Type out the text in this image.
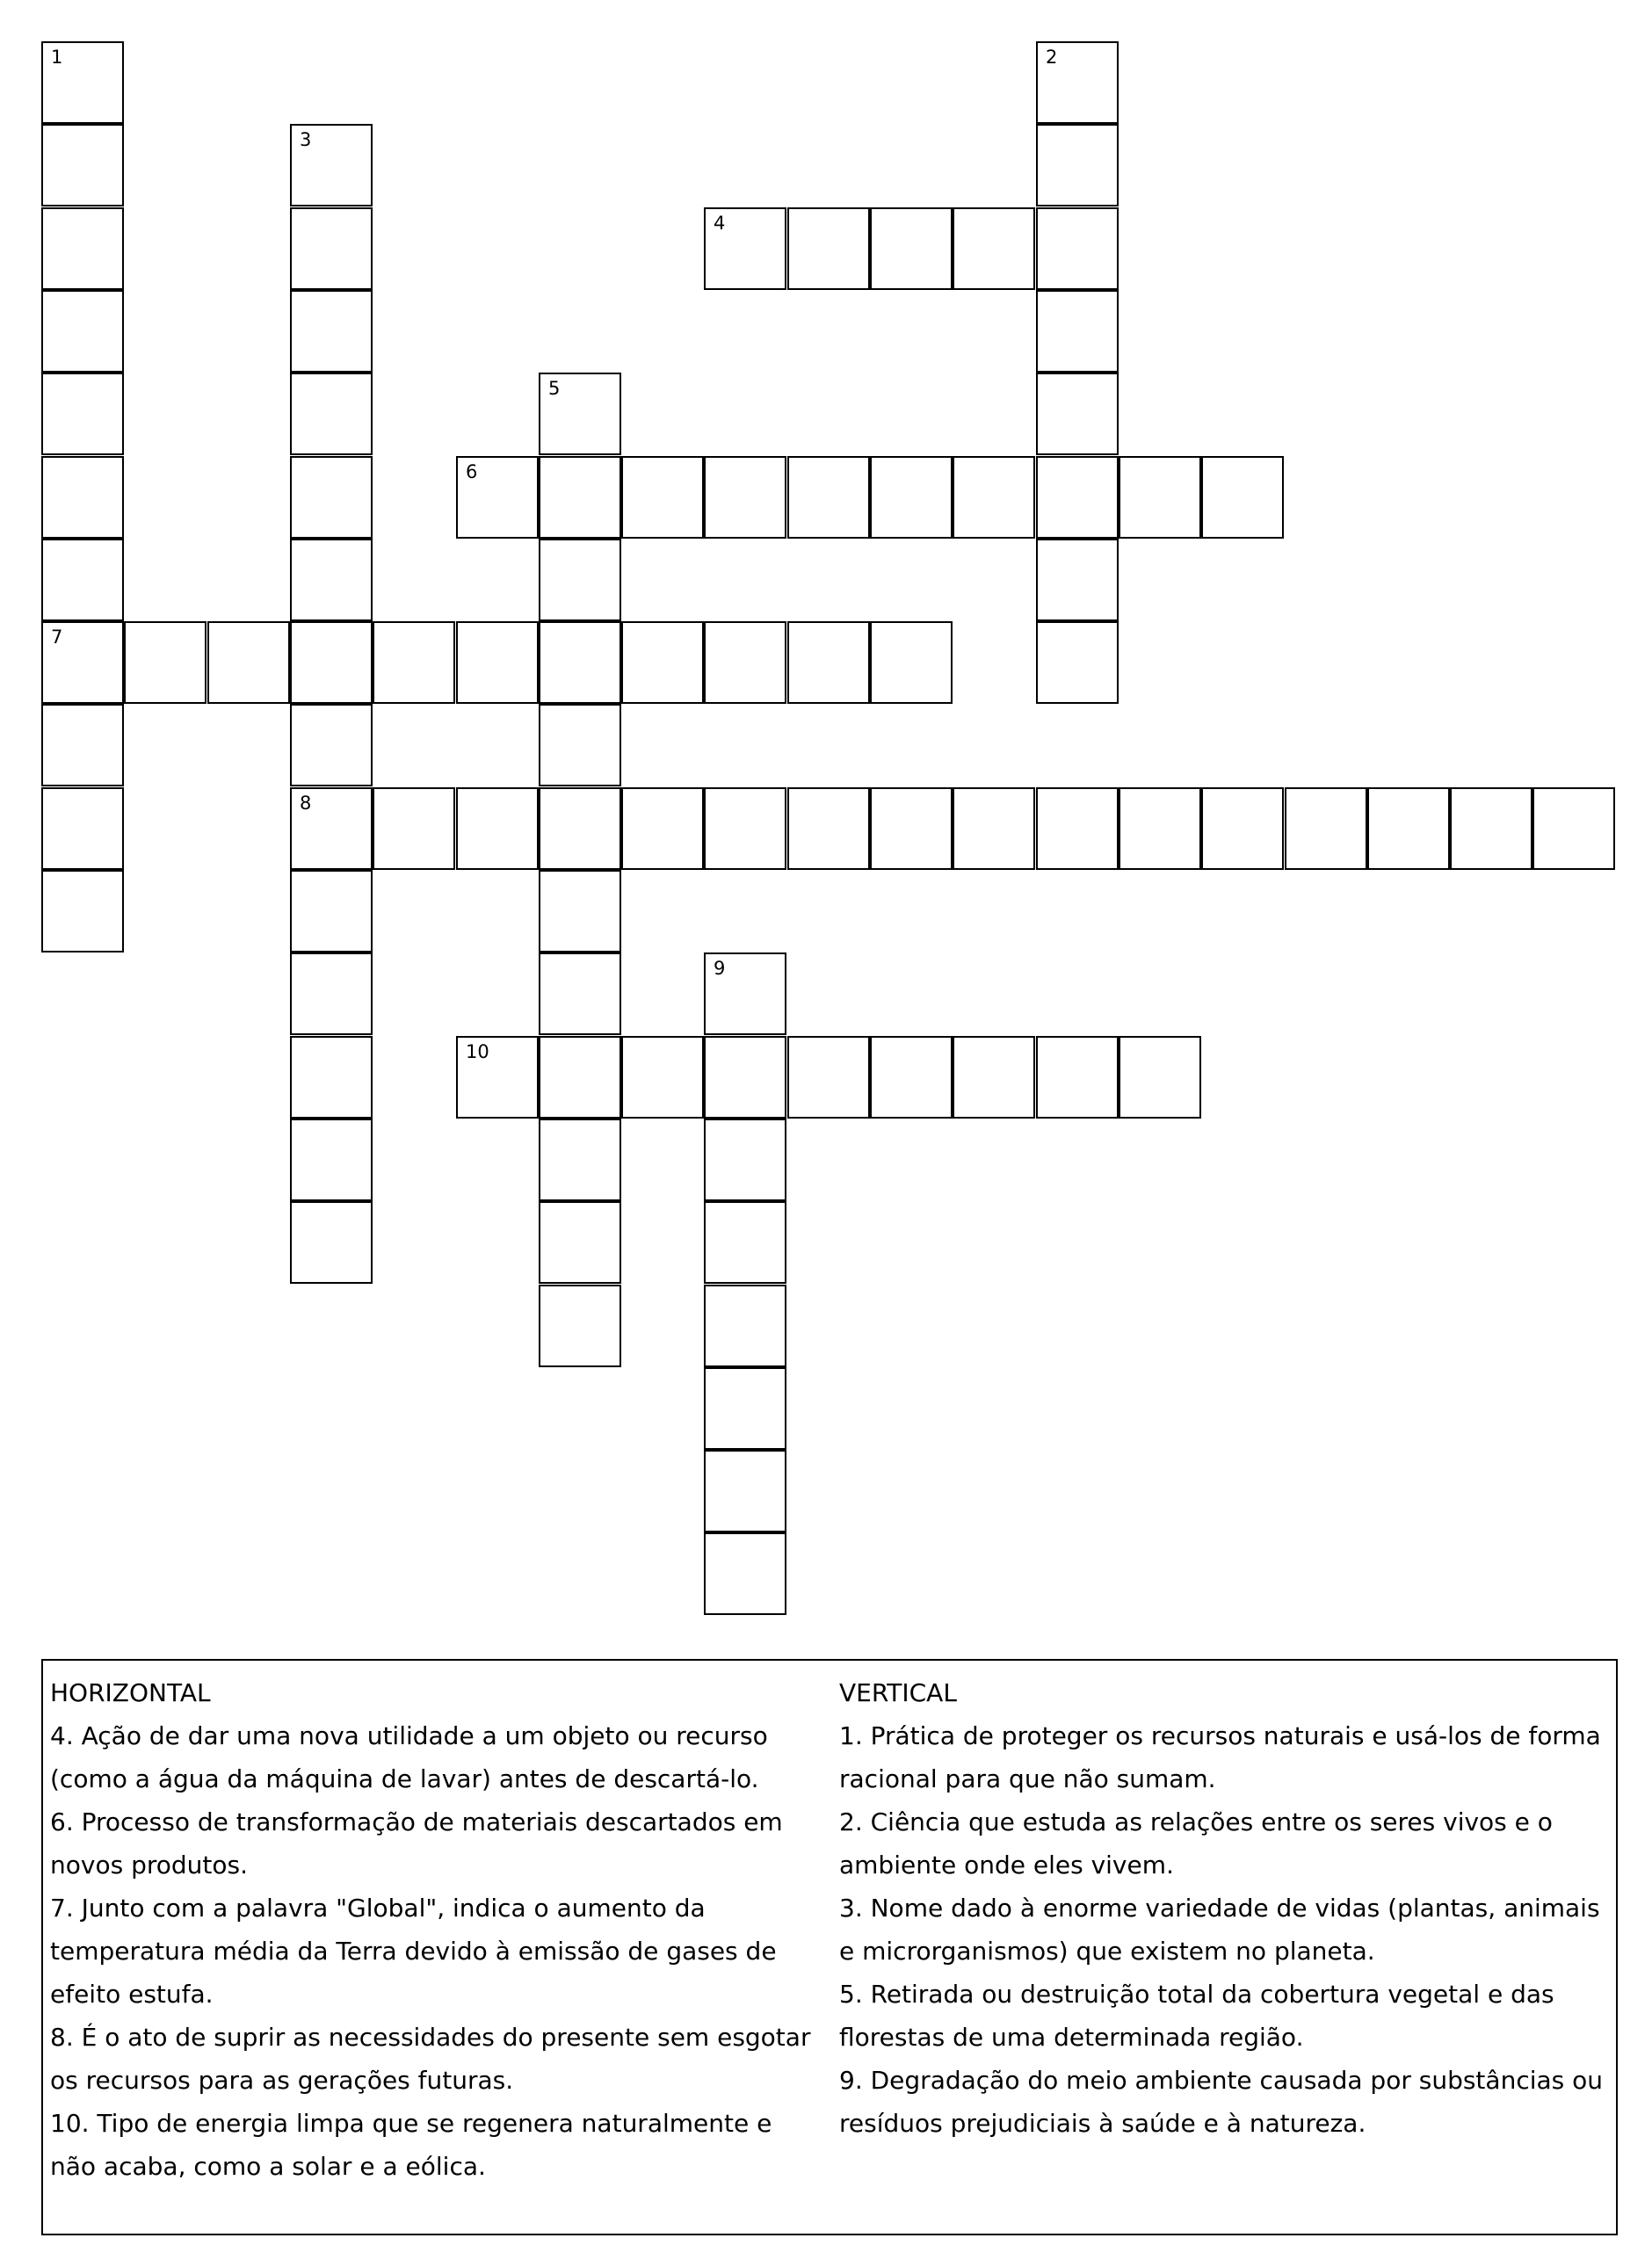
1
7
2
3
8
4
5
6
9
10
HORIZONTAL
4. Ação de dar uma nova utilidade a um objeto ou recurso (como a água da máquina de lavar) antes de descartá-lo.
6. Processo de transformação de materiais descartados em novos produtos.
7. Junto com a palavra "Global", indica o aumento da temperatura média da Terra devido à emissão de gases de efeito estufa.
8. É o ato de suprir as necessidades do presente sem esgotar os recursos para as gerações futuras.
10. Tipo de energia limpa que se regenera naturalmente e não acaba, como a solar e a eólica.
VERTICAL
1. Prática de proteger os recursos naturais e usá-los de forma racional para que não sumam.
2. Ciência que estuda as relações entre os seres vivos e o ambiente onde eles vivem.
3. Nome dado à enorme variedade de vidas (plantas, animais e microrganismos) que existem no planeta.
5. Retirada ou destruição total da cobertura vegetal e das florestas de uma determinada região.
9. Degradação do meio ambiente causada por substâncias ou resíduos prejudiciais à saúde e à natureza.
